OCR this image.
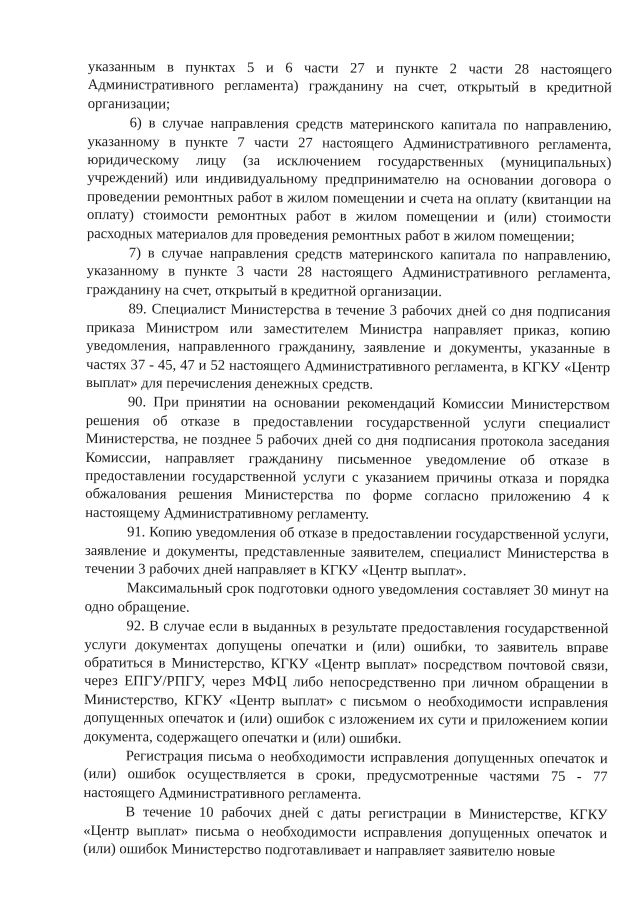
указанным в пунктах 5 и 6 части 27 и пункте 2 части 28 настоящего Административного регламента) гражданину на счет, открытый в кредитной организации;

6) в случае направления средств материнского капитала по направлению, указанному в пункте 7 части 27 настоящего Административного регламента, юридическому лицу (за исключением государственных (муниципальных) учреждений) или индивидуальному предпринимателю на основании договора о проведении ремонтных работ в жилом помещении и счета на оплату (квитанции на оплату) стоимости ремонтных работ в жилом помещении и (или) стоимости расходных материалов для проведения ремонтных работ в жилом помещении;

7) в случае направления средств материнского капитала по направлению, указанному в пункте 3 части 28 настоящего Административного регламента, гражданину на счет, открытый в кредитной организации.

89. Специалист Министерства в течение 3 рабочих дней со дня подписания приказа Министром или заместителем Министра направляет приказ, копию уведомления, направленного гражданину, заявление и документы, указанные в частях 37 - 45, 47 и 52 настоящего Административного регламента, в КГКУ «Центр выплат» для перечисления денежных средств.

90. При принятии на основании рекомендаций Комиссии Министерством решения об отказе в предоставлении государственной услуги специалист Министерства, не позднее 5 рабочих дней со дня подписания протокола заседания Комиссии, направляет гражданину письменное уведомление об отказе в предоставлении государственной услуги с указанием причины отказа и порядка обжалования решения Министерства по форме согласно приложению 4 к настоящему Административному регламенту.

91. Копию уведомления об отказе в предоставлении государственной услуги, заявление и документы, представленные заявителем, специалист Министерства в течении 3 рабочих дней направляет в КГКУ «Центр выплат».

Максимальный срок подготовки одного уведомления составляет 30 минут на одно обращение.

92. В случае если в выданных в результате предоставления государственной услуги документах допущены опечатки и (или) ошибки, то заявитель вправе обратиться в Министерство, КГКУ «Центр выплат» посредством почтовой связи, через ЕПГУ/РПГУ, через МФЦ либо непосредственно при личном обращении в Министерство, КГКУ «Центр выплат» с письмом о необходимости исправления допущенных опечаток и (или) ошибок с изложением их сути и приложением копии документа, содержащего опечатки и (или) ошибки.

Регистрация письма о необходимости исправления допущенных опечаток и (или) ошибок осуществляется в сроки, предусмотренные частями 75 - 77 настоящего Административного регламента.

В течение 10 рабочих дней с даты регистрации в Министерстве, КГКУ «Центр выплат» письма о необходимости исправления допущенных опечаток и (или) ошибок Министерство подготавливает и направляет заявителю новые
